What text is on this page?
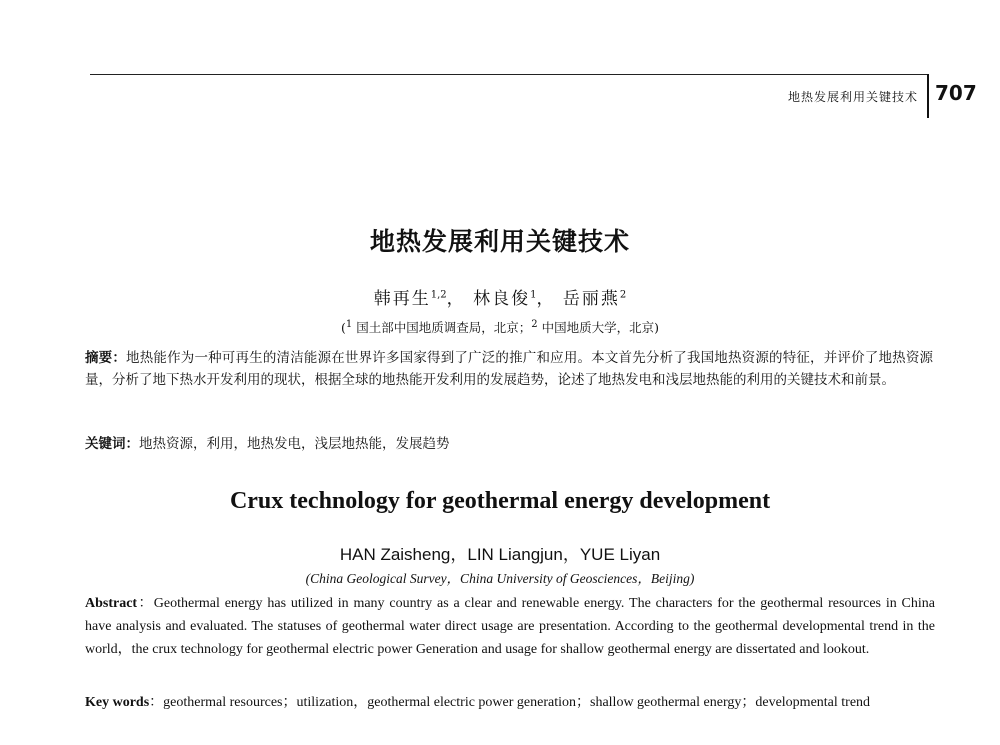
地热发展利用关键技术 707
地热发展利用关键技术
韩再生$^{1,2}$， 林良俊$^1$， 岳丽燕$^2$
($^1$ 国土部中国地质调查局，北京；$^2$ 中国地质大学，北京)

摘要：地热能作为一种可再生的清洁能源在世界许多国家得到了广泛的推广和应用。本文首先分析了我国地热资源的特征，并评价了地热资源量，分析了地下热水开发利用的现状，根据全球的地热能开发利用的发展趋势，论述了地热发电和浅层地热能的利用的关键技术和前景。

关键词：地热资源，利用，地热发电，浅层地热能，发展趋势

Crux technology for geothermal energy development
HAN Zaisheng，LIN Liangjun，YUE Liyan
(China Geological Survey，China University of Geosciences，Beijing)

Abstract：Geothermal energy has utilized in many country as a clear and renewable energy. The characters for the geothermal resources in China have analysis and evaluated. The statuses of geothermal water direct usage are presentation. According to the geothermal developmental trend in the world，the crux technology for geothermal electric power Generation and usage for shallow geothermal energy are dissertated and lookout.

Key words：geothermal resources；utilization，geothermal electric power generation；shallow geothermal energy；developmental trend
